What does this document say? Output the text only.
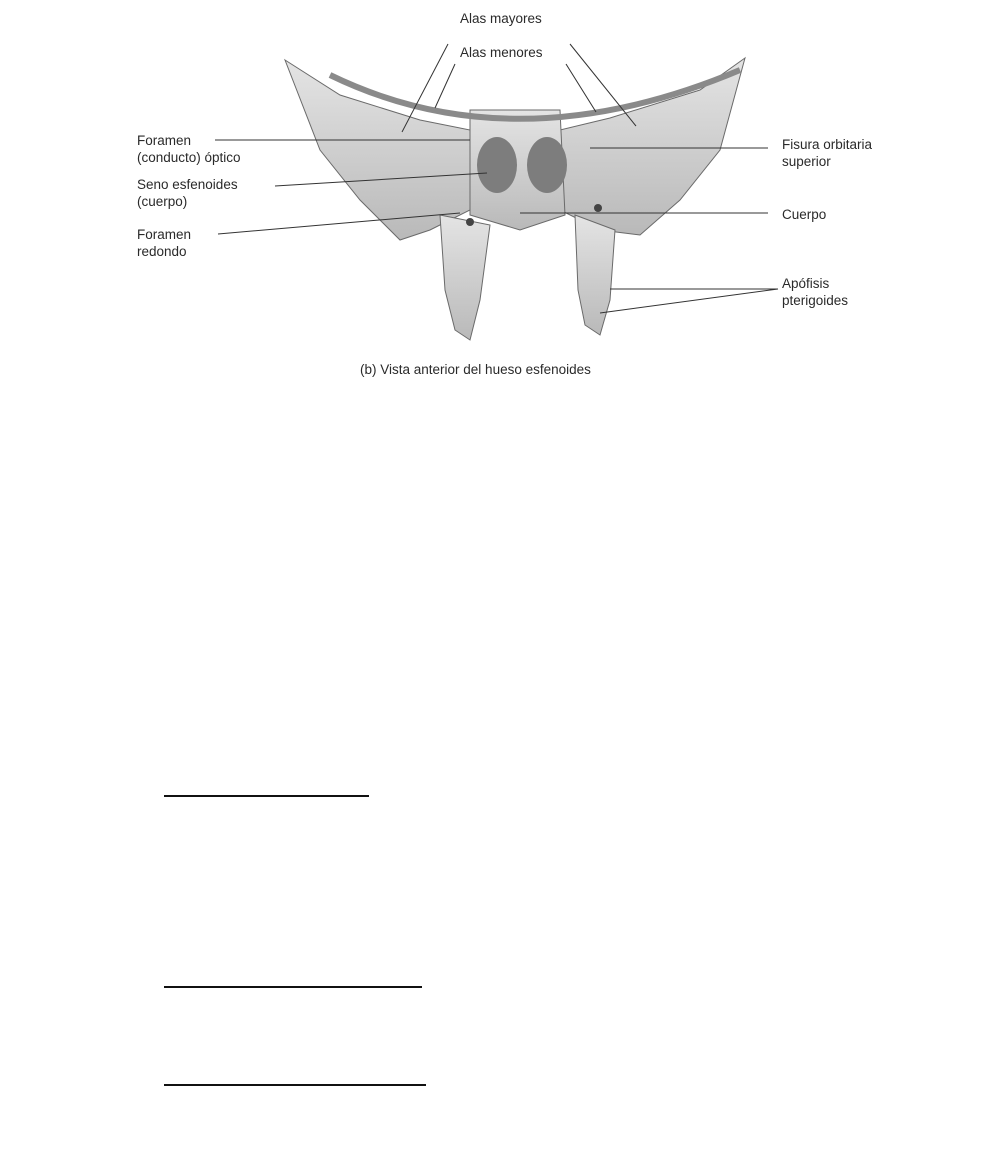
Alas mayores
Alas menores
Foramen
(conducto) óptico
Seno esfenoides
(cuerpo)
Foramen
redondo
Fisura orbitaria
superior
Cuerpo
Apófisis
pterigoides
(b) Vista anterior del hueso esfenoides
